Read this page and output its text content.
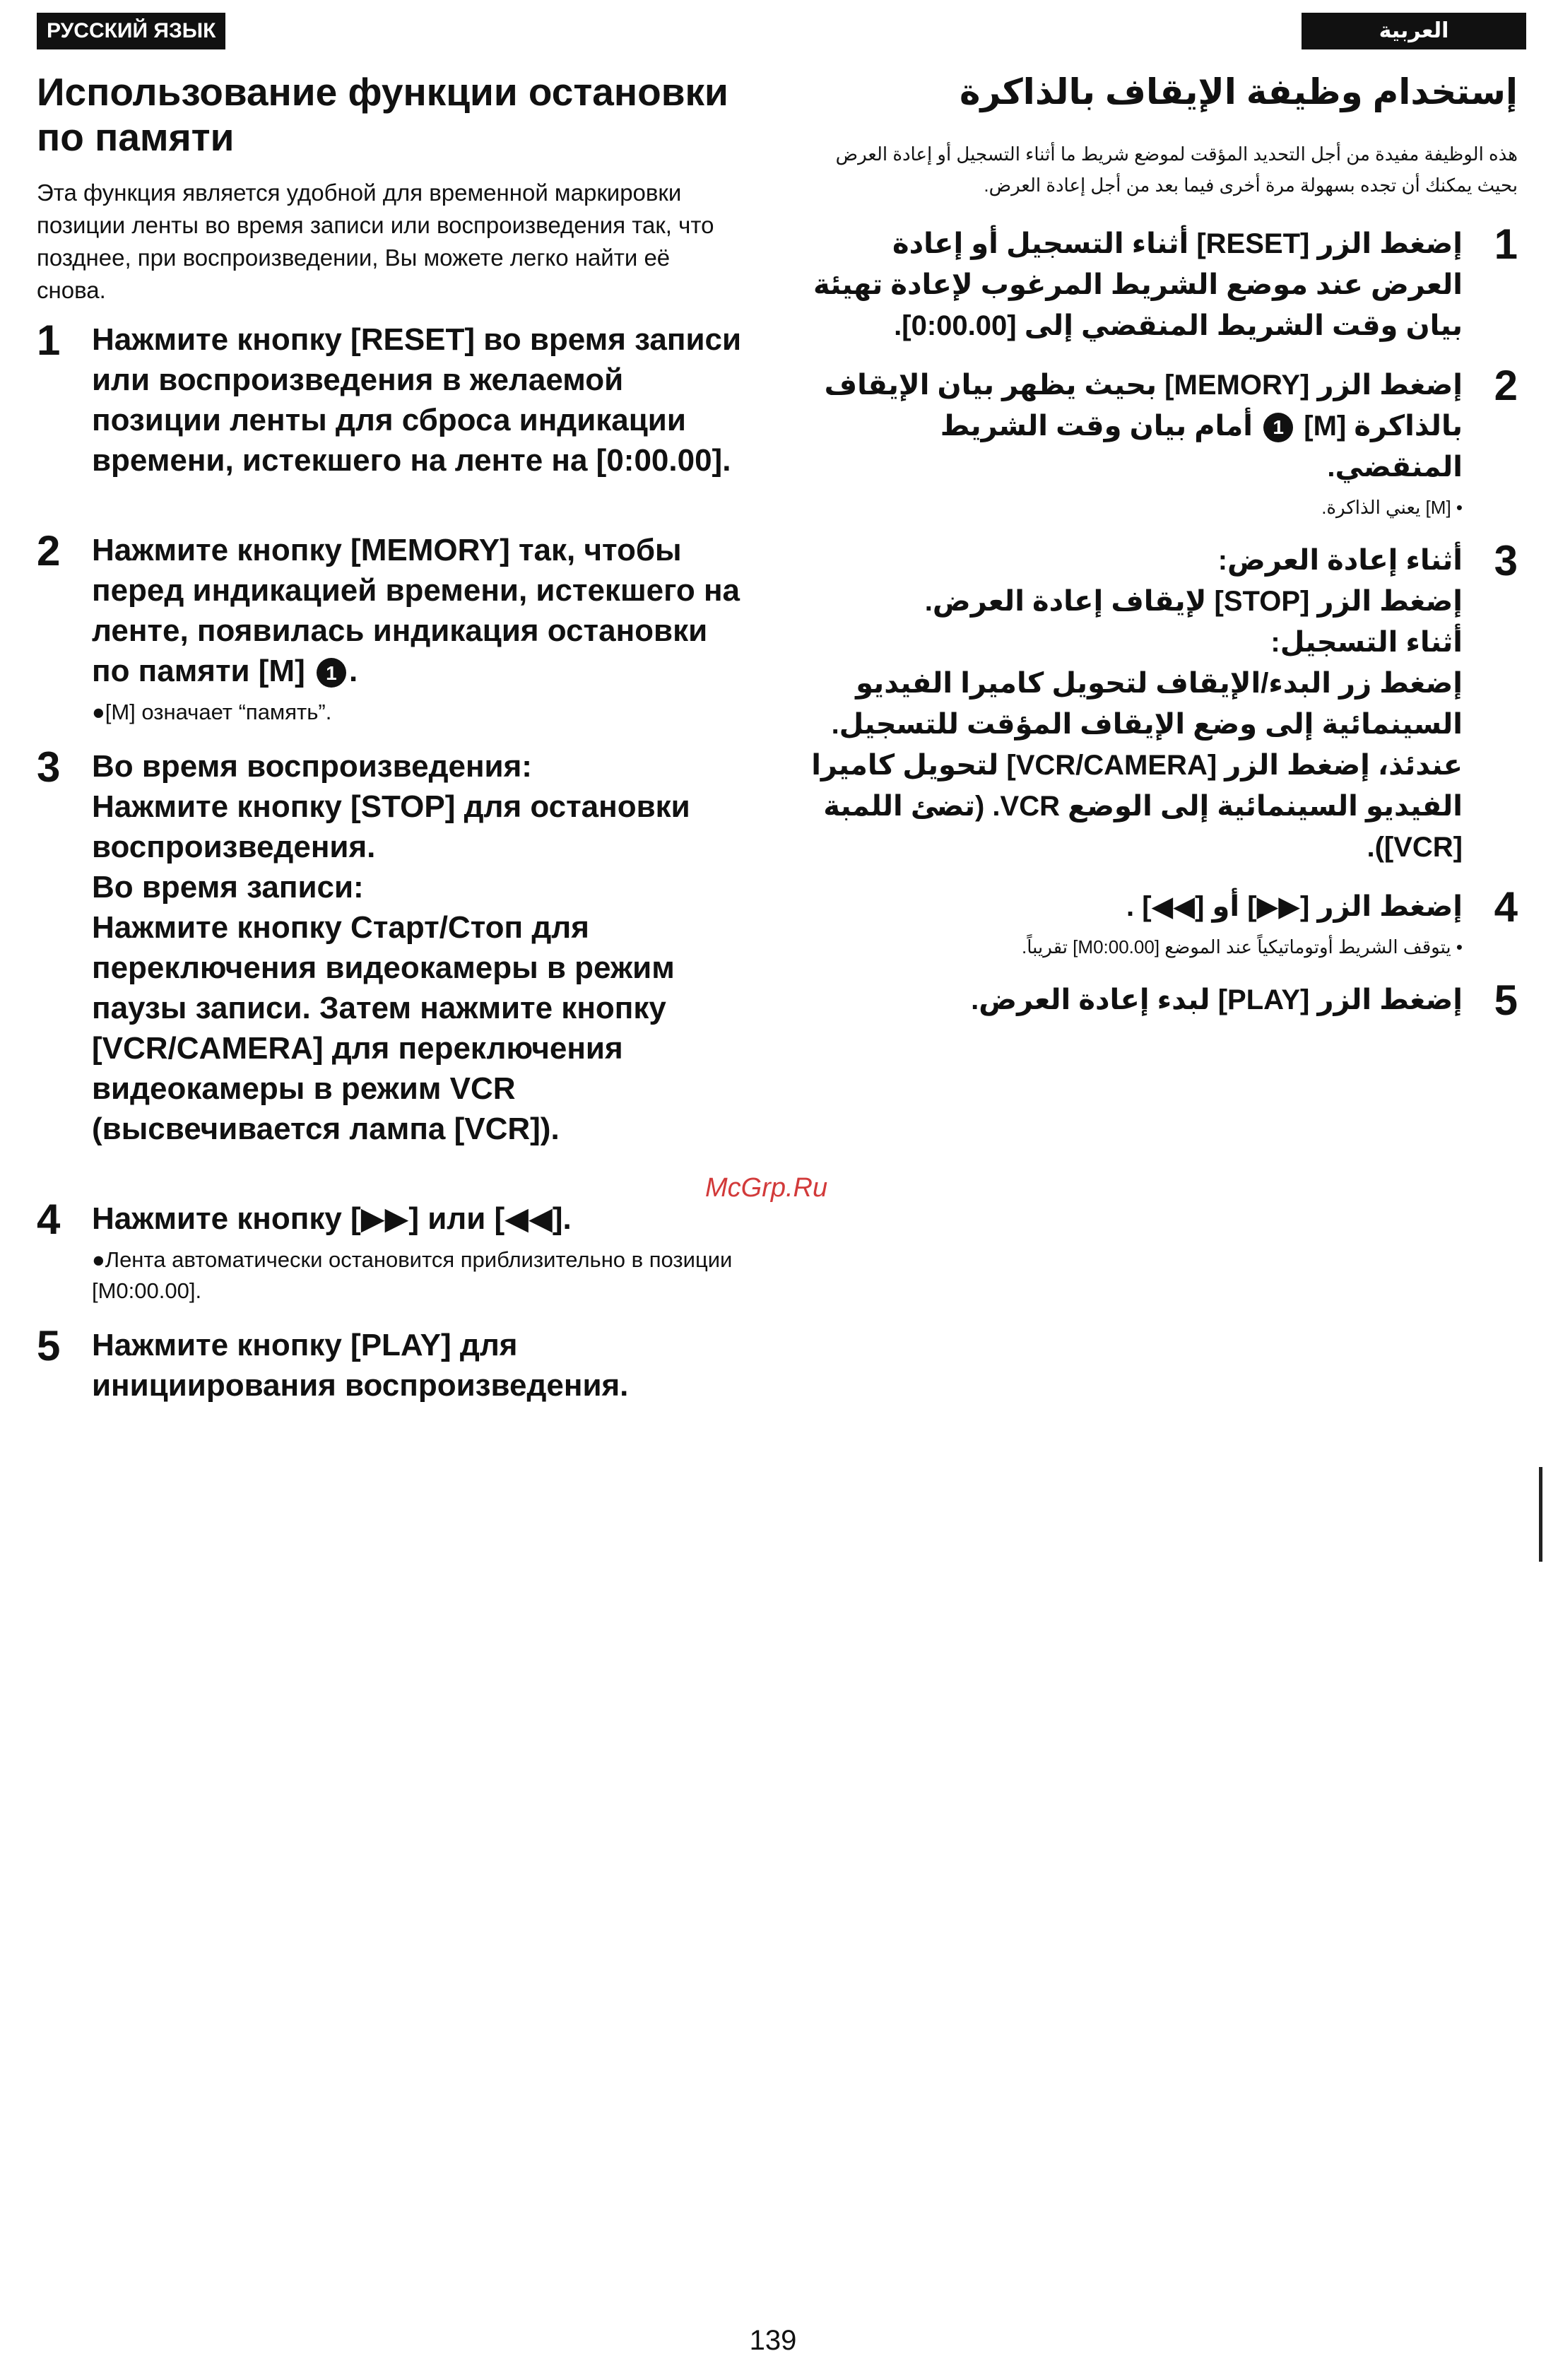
РУССКИЙ ЯЗЫК	العربية
Использование функции остановки по памяти

Эта функция является удобной для временной маркировки позиции ленты во время записи или воспроизведения так, что позднее, при воспроизведении, Вы можете легко найти её снова.

1	Нажмите кнопку [RESET] во время записи или воспроизведения в желаемой позиции ленты для сброса индикации времени, истекшего на ленте на [0:00.00].
2	Нажмите кнопку [MEMORY] так, чтобы перед индикацией времени, истекшего на ленте, появилась индикация остановки по памяти [M] 1 .
●[M] означает “память”.
3	Во время воспроизведения:
Нажмите кнопку [STOP] для остановки воспроизведения.
Во время записи:
Нажмите кнопку Старт/Стоп для переключения видеокамеры в режим паузы записи. Затем нажмите кнопку [VCR/CAMERA] для переключения видеокамеры в режим VCR (высвечивается лампа [VCR]).
4	Нажмите кнопку [▶▶] или [◀◀].
●Лента автоматически остановится приблизительно в позиции [M0:00.00].
5	Нажмите кнопку [PLAY] для инициирования воспроизведения.
إستخدام وظيفة الإيقاف بالذاكرة

هذه الوظيفة مفيدة من أجل التحديد المؤقت لموضع شريط ما أثناء التسجيل أو إعادة العرض بحيث يمكنك أن تجده بسهولة مرة أخرى فيما بعد من أجل إعادة العرض.

1
إضغط الزر [RESET] أثناء التسجيل أو إعادة العرض عند موضع الشريط المرغوب لإعادة تهيئة بيان وقت الشريط المنقضي إلى [0:00.00].
2
إضغط الزر [MEMORY] بحيث يظهر بيان الإيقاف بالذاكرة [M] 1 أمام بيان وقت الشريط المنقضي.
• [M] يعني الذاكرة.
3
أثناء إعادة العرض:
إضغط الزر [STOP] لإيقاف إعادة العرض.
أثناء التسجيل:
إضغط زر البدء/الإيقاف لتحويل كاميرا الفيديو السينمائية إلى وضع الإيقاف المؤقت للتسجيل. عندئذ، إضغط الزر [VCR/CAMERA] لتحويل كاميرا الفيديو السينمائية إلى الوضع VCR. (تضئ اللمبة [VCR]).
4
إضغط الزر [▶▶] أو [◀◀] .
• يتوقف الشريط أوتوماتيكياً عند الموضع [M0:00.00] تقريباً.
5
إضغط الزر [PLAY] لبدء إعادة العرض.
McGrp.Ru
139
